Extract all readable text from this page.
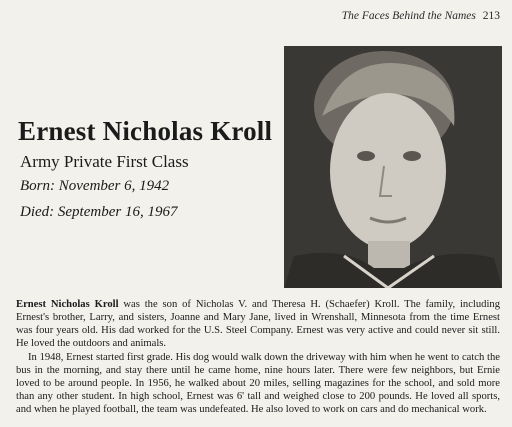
The Faces Behind the Names 213
Ernest Nicholas Kroll
Army Private First Class
Born: November 6, 1942
Died: September 16, 1967

Ernest Nicholas Kroll was the son of Nicholas V. and Theresa H. (Schaefer) Kroll. The family, including Ernest's brother, Larry, and sisters, Joanne and Mary Jane, lived in Wrenshall, Minnesota from the time Ernest was four years old. His dad worked for the U.S. Steel Company. Ernest was very active and could never sit still. He loved the outdoors and animals.

In 1948, Ernest started first grade. His dog would walk down the driveway with him when he went to catch the bus in the morning, and stay there until he came home, nine hours later. There were few neighbors, but Ernie loved to be around people. In 1956, he walked about 20 miles, selling magazines for the school, and sold more than any other student. In high school, Ernest was 6' tall and weighed close to 200 pounds. He loved all sports, and when he played football, the team was undefeated. He also loved to work on cars and do mechanical work.
